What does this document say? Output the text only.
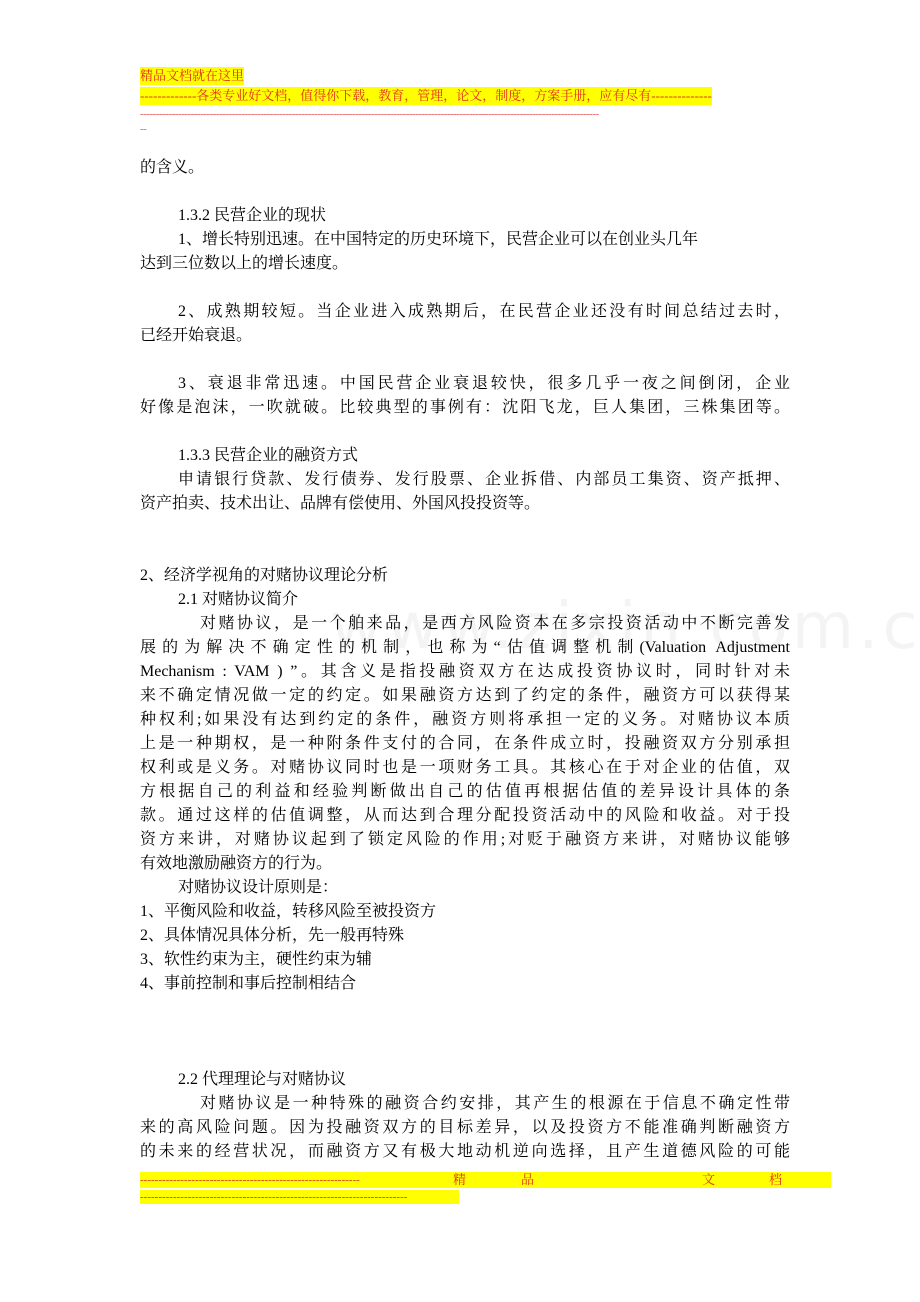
精品文档就在这里
-------------各类专业好文档，值得你下载，教育，管理，论文，制度，方案手册，应有尽有--------------
-------------------------------------------------------------------------------------------------------------------------------------------------
--
的含义。
1.3.2 民营企业的现状
1、增长特别迅速。在中国特定的历史环境下，民营企业可以在创业头几年
达到三位数以上的增长速度。
2、成熟期较短。当企业进入成熟期后，在民营企业还没有时间总结过去时，
已经开始衰退。
3、衰退非常迅速。中国民营企业衰退较快，很多几乎一夜之间倒闭，企业
好像是泡沫，一吹就破。比较典型的事例有：沈阳飞龙，巨人集团，三株集团等。
1.3.3 民营企业的融资方式
申请银行贷款、发行债券、发行股票、企业拆借、内部员工集资、资产抵押、
资产拍卖、技术出让、品牌有偿使用、外国风投投资等。
2、经济学视角的对赌协议理论分析
2.1 对赌协议简介
对赌协议，是一个舶来品，是西方风险资本在多宗投资活动中不断完善发
展的为解决不确定性的机制，也称为“估值调整机制(Valuation Adjustment
Mechanism : VAM ) ”。其含义是指投融资双方在达成投资协议时，同时针对未
来不确定情况做一定的约定。如果融资方达到了约定的条件，融资方可以获得某
种权利;如果没有达到约定的条件，融资方则将承担一定的义务。对赌协议本质
上是一种期权，是一种附条件支付的合同，在条件成立时，投融资双方分别承担
权利或是义务。对赌协议同时也是一项财务工具。其核心在于对企业的估值，双
方根据自己的利益和经验判断做出自己的估值再根据估值的差异设计具体的条
款。通过这样的估值调整，从而达到合理分配投资活动中的风险和收益。对于投
资方来讲，对赌协议起到了锁定风险的作用;对贬于融资方来讲，对赌协议能够
有效地激励融资方的行为。
对赌协议设计原则是：
1、平衡风险和收益，转移风险至被投资方
2、具体情况具体分析，先一般再特殊
3、软性约束为主，硬性约束为辅
4、事前控制和事后控制相结合
2.2 代理理论与对赌协议
对赌协议是一种特殊的融资合约安排，其产生的根源在于信息不确定性带
来的高风险问题。因为投融资双方的目标差异，以及投资方不能准确判断融资方
的未来的经营状况，而融资方又有极大地动机逆向选择，且产生道德风险的可能
------------------------------------------------------------	精	品	文	档
-------------------------------------------------------------------------
